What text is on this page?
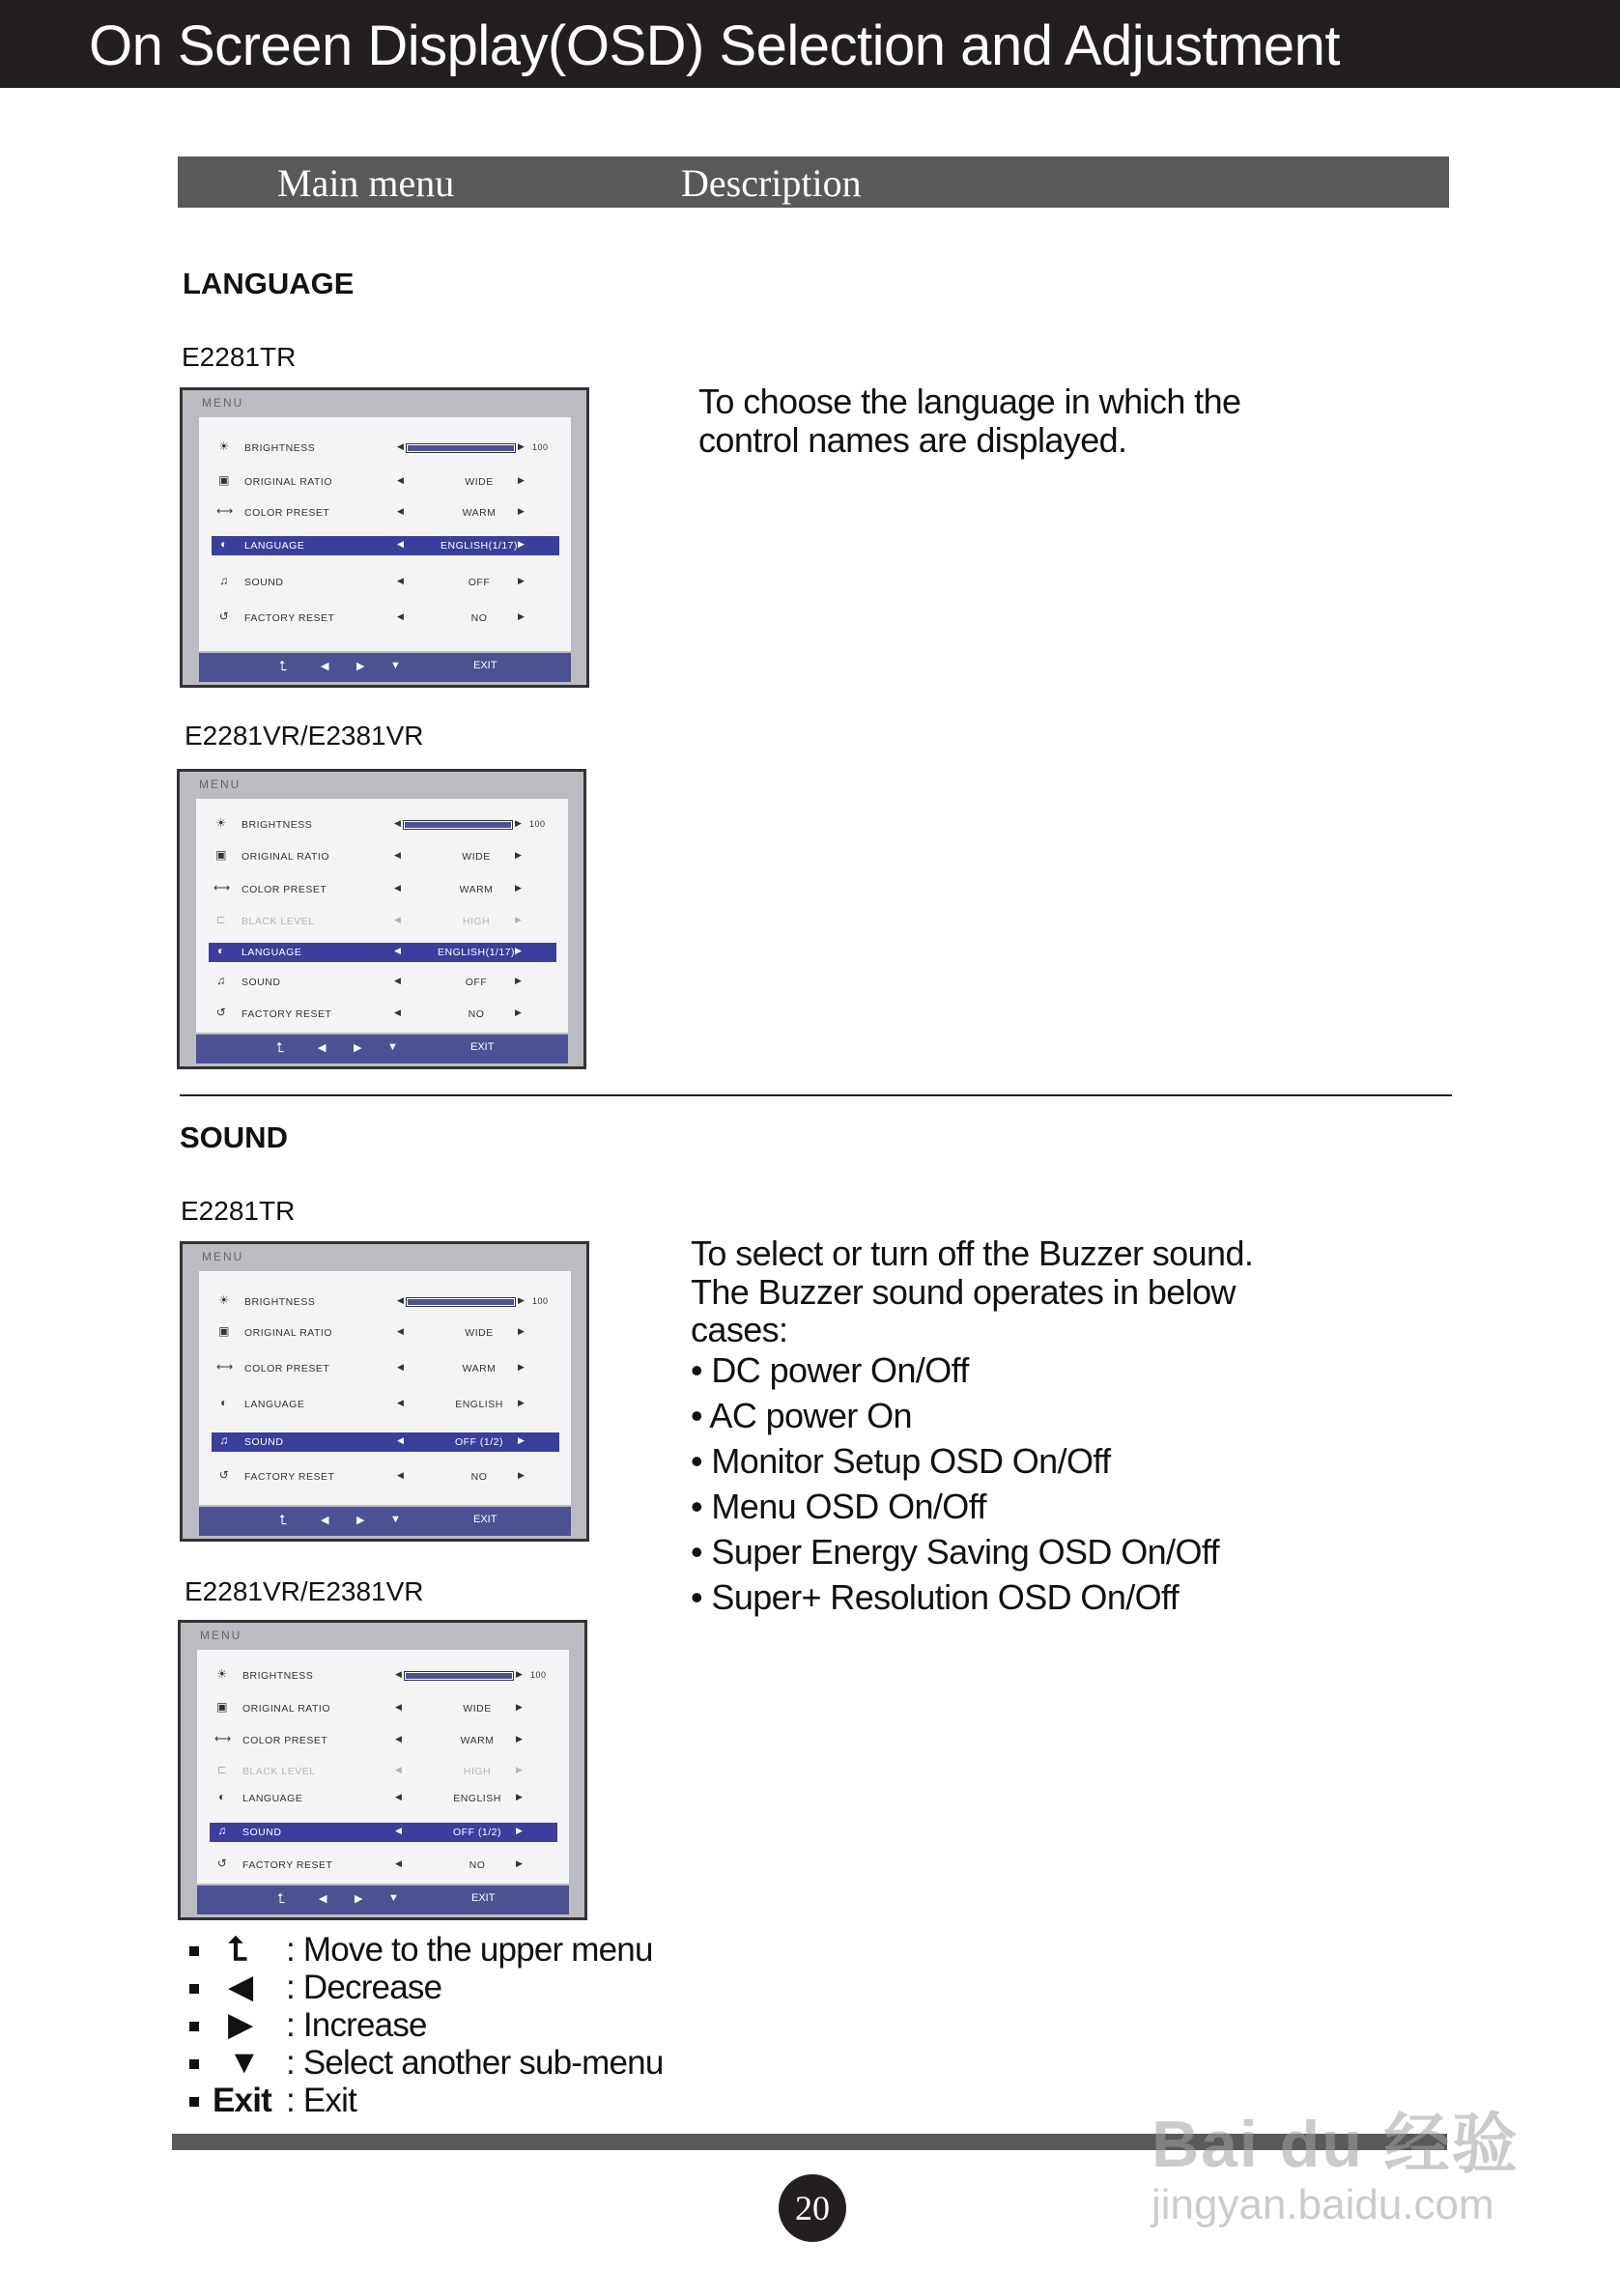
On Screen Display(OSD) Selection and Adjustment
Main menu	Description
LANGUAGE
E2281TR
E2281VR/E2381VR
To choose the language in which the
control names are displayed.
MENU
☀ BRIGHTNESS	◀	▶ 100
▣ ORIGINAL RATIO	◀	WIDE	▶
⟷ COLOR PRESET	◀	WARM	▶
◐	LANGUAGE	◀	ENGLISH(1/17) ▶
♫	SOUND	◀	OFF	▶
↺ FACTORY RESET	◀	NO	▶
⮤	◀	▶ ▼	EXIT
MENU
☀ BRIGHTNESS	◀	▶ 100
▣ ORIGINAL RATIO	◀	WIDE	▶
⟷ COLOR PRESET	◀	WARM	▶
⊏ BLACK LEVEL	◀	HIGH	▶
◐	LANGUAGE	◀	ENGLISH(1/17) ▶
♫	SOUND	◀	OFF	▶
↺ FACTORY RESET	◀	NO	▶
⮤	◀	▶ ▼	EXIT
SOUND
E2281TR
E2281VR/E2381VR
To select or turn off the Buzzer sound.
The Buzzer sound operates in below
cases:
• DC power On/Off
• AC power On
• Monitor Setup OSD On/Off
• Menu OSD On/Off
• Super Energy Saving OSD On/Off
• Super+ Resolution OSD On/Off
MENU
☀ BRIGHTNESS	◀	▶ 100
▣ ORIGINAL RATIO	◀	WIDE	▶
⟷ COLOR PRESET	◀	WARM	▶
◐	LANGUAGE	◀	ENGLISH	▶
♫	SOUND	◀	OFF (1/2)	▶
↺ FACTORY RESET	◀	NO	▶
⮤	◀	▶ ▼	EXIT
MENU
☀ BRIGHTNESS	◀	▶ 100
▣ ORIGINAL RATIO	◀	WIDE	▶
⟷ COLOR PRESET	◀	WARM	▶
⊏ BLACK LEVEL	◀	HIGH	▶
◐	LANGUAGE	◀	ENGLISH	▶
♫	SOUND	◀	OFF (1/2)	▶
↺ FACTORY RESET	◀	NO	▶
⮤	◀	▶ ▼	EXIT
⮤ : Move to the upper menu
◀ : Decrease
▶ : Increase
▼ : Select another sub-menu
Exit : Exit
20
Bai du 经验
jingyan.baidu.com
